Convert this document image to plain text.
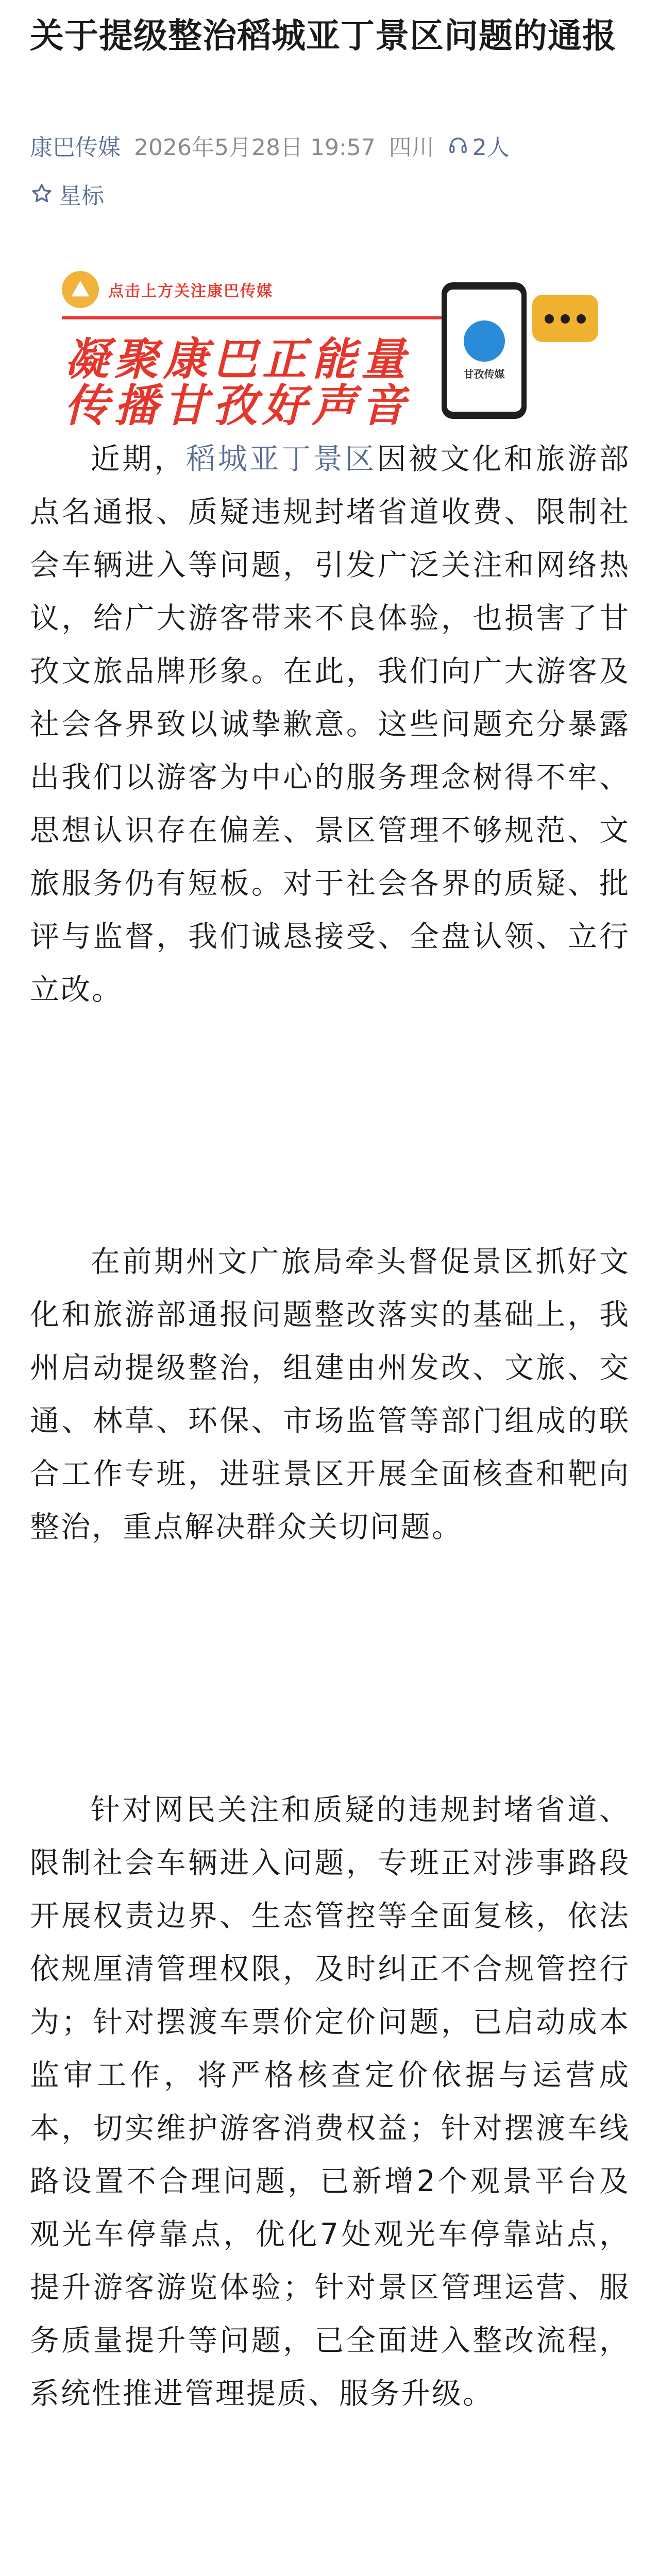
关于提级整治稻城亚丁景区问题的通报
康巴传媒 2026年5月28日 19:57 四川 2人
星标
点击上方关注康巴传媒
凝聚康巴正能量
传播甘孜好声音
甘孜传媒
近期，稻城亚丁景区因被文化和旅游部点名通报、质疑违规封堵省道收费、限制社会车辆进入等问题，引发广泛关注和网络热议，给广大游客带来不良体验，也损害了甘孜文旅品牌形象。在此，我们向广大游客及社会各界致以诚挚歉意。这些问题充分暴露出我们以游客为中心的服务理念树得不牢、思想认识存在偏差、景区管理不够规范、文旅服务仍有短板。对于社会各界的质疑、批评与监督，我们诚恳接受、全盘认领、立行立改。
在前期州文广旅局牵头督促景区抓好文化和旅游部通报问题整改落实的基础上，我州启动提级整治，组建由州发改、文旅、交通、林草、环保、市场监管等部门组成的联合工作专班，进驻景区开展全面核查和靶向整治，重点解决群众关切问题。
针对网民关注和质疑的违规封堵省道、限制社会车辆进入问题，专班正对涉事路段开展权责边界、生态管控等全面复核，依法依规厘清管理权限，及时纠正不合规管控行为；针对摆渡车票价定价问题，已启动成本监审工作，将严格核查定价依据与运营成本，切实维护游客消费权益；针对摆渡车线路设置不合理问题，已新增2个观景平台及观光车停靠点，优化7处观光车停靠站点，提升游客游览体验；针对景区管理运营、服务质量提升等问题，已全面进入整改流程，系统性推进管理提质、服务升级。
